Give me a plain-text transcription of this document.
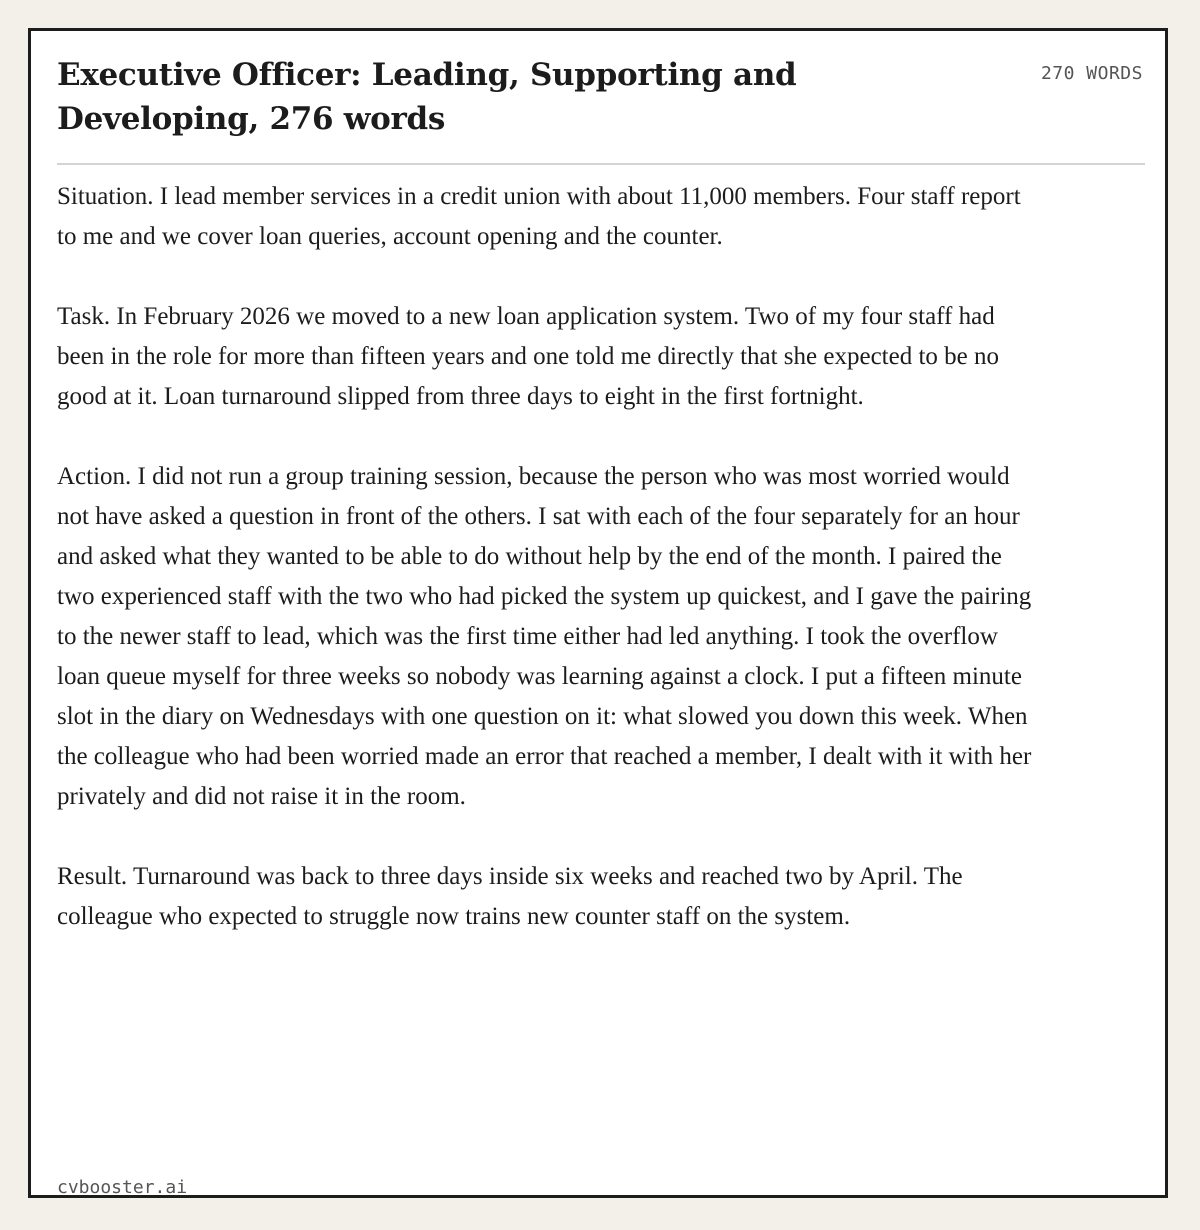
Executive Officer: Leading, Supporting and Developing, 276 words
270 WORDS

Situation. I lead member services in a credit union with about 11,000 members. Four staff report to me and we cover loan queries, account opening and the counter.

Task. In February 2026 we moved to a new loan application system. Two of my four staff had been in the role for more than fifteen years and one told me directly that she expected to be no good at it. Loan turnaround slipped from three days to eight in the first fortnight.

Action. I did not run a group training session, because the person who was most worried would not have asked a question in front of the others. I sat with each of the four separately for an hour and asked what they wanted to be able to do without help by the end of the month. I paired the two experienced staff with the two who had picked the system up quickest, and I gave the pairing to the newer staff to lead, which was the first time either had led anything. I took the overflow loan queue myself for three weeks so nobody was learning against a clock. I put a fifteen minute slot in the diary on Wednesdays with one question on it: what slowed you down this week. When the colleague who had been worried made an error that reached a member, I dealt with it with her privately and did not raise it in the room.

Result. Turnaround was back to three days inside six weeks and reached two by April. The colleague who expected to struggle now trains new counter staff on the system.

cvbooster.ai
